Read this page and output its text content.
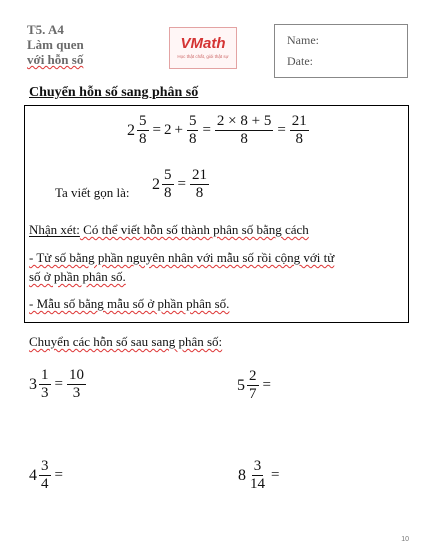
T5. A4
Làm quen
với hỗn số
VMath
Học thật chất, giỏi thật sự
Name:
Date:
Chuyển hỗn số sang phân số
$2 \frac{5}{8} = 2 + \frac{5}{8} = \frac{2 \times 8 + 5}{8} = \frac{21}{8}$
Ta viết gọn là: $2 \frac{5}{8} = \frac{21}{8}$
Nhận xét: Có thể viết hỗn số thành phân số bằng cách
- Tử số bằng phần nguyên nhân với mẫu số rồi cộng với tử
số ở phần phân số.
- Mẫu số bằng mẫu số ở phần phân số.
Chuyển các hỗn số sau sang phân số:
$3 \frac{1}{3} = \frac{10}{3}$	$5 \frac{2}{7}$ =
$4 \frac{3}{4}$ =	$8 \frac{3}{14}$ =
10
